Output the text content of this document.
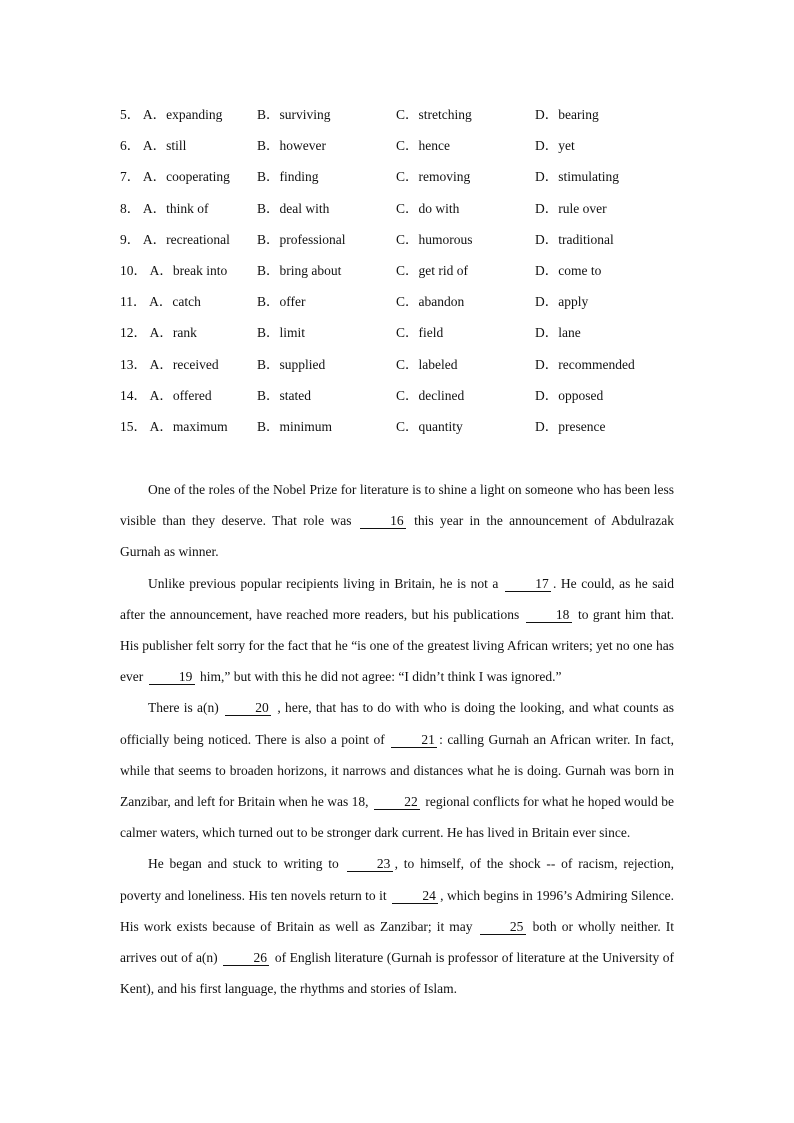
5． A．expanding	B．surviving	C．stretching	D．bearing
6． A．still	B．however	C．hence	D．yet
7． A．cooperating B．finding	C．removing	D．stimulating
8． A．think of	B．deal with	C．do with	D．rule over
9． A．recreational B．professional	C．humorous	D．traditional
10． A．break into B．bring about	C．get rid of	D．come to
11． A．catch	B．offer	C．abandon	D．apply
12． A．rank	B．limit	C．field	D．lane
13． A．received	B．supplied	C．labeled	D．recommended
14． A．offered	B．stated	C．declined	D．opposed
15． A．maximum B．minimum	C．quantity	D．presence

One of the roles of the Nobel Prize for literature is to shine a light on someone who has been less visible than they deserve. That role was	16 this year in the announcement of Abdulrazak Gurnah as winner.

Unlike previous popular recipients living in Britain, he is not a	17 . He could, as he said after the announcement, have reached more readers, but his publications	18 to grant him that. His publisher felt sorry for the fact that he “is one of the greatest living African writers; yet no one has ever	19 him,” but with this he did not agree: “I didn’t think I was ignored.”

There is a(n)	20 , here, that has to do with who is doing the looking, and what counts as officially being noticed. There is also a point of	21 : calling Gurnah an African writer. In fact, while that seems to broaden horizons, it narrows and distances what he is doing. Gurnah was born in Zanzibar, and left for Britain when he was 18,	22 regional conflicts for what he hoped would be calmer waters, which turned out to be stronger dark current. He has lived in Britain ever since.

He began and stuck to writing to	23 , to himself, of the shock -- of racism, rejection, poverty and loneliness. His ten novels return to it	24 , which begins in 1996’s Admiring Silence. His work exists because of Britain as well as Zanzibar; it may	25 both or wholly neither. It arrives out of a(n)	26 of English literature (Gurnah is professor of literature at the University of Kent), and his first language, the rhythms and stories of Islam.
